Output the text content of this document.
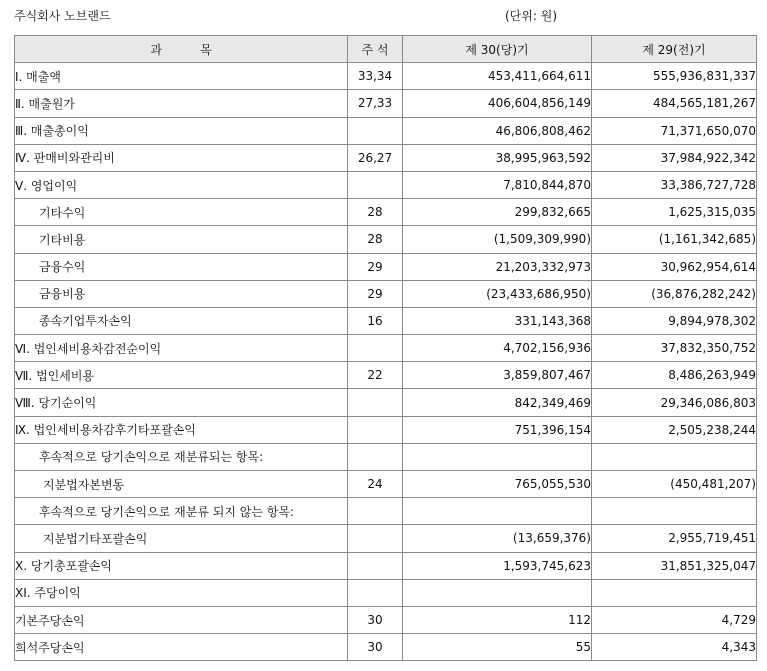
주식회사 노브랜드	(단위: 원)
과          목	주 석	제 30(당)기	제 29(전)기
Ⅰ. 매출액	33,34	453,411,664,611	555,936,831,337
Ⅱ. 매출원가	27,33	406,604,856,149	484,565,181,267
Ⅲ. 매출총이익		46,806,808,462	71,371,650,070
Ⅳ. 판매비와관리비	26,27	38,995,963,592	37,984,922,342
Ⅴ. 영업이익		7,810,844,870	33,386,727,728
기타수익	28	299,832,665	1,625,315,035
기타비용	28	(1,509,309,990)	(1,161,342,685)
금융수익	29	21,203,332,973	30,962,954,614
금융비용	29	(23,433,686,950)	(36,876,282,242)
종속기업투자손익	16	331,143,368	9,894,978,302
Ⅵ. 법인세비용차감전순이익		4,702,156,936	37,832,350,752
Ⅶ. 법인세비용	22	3,859,807,467	8,486,263,949
Ⅷ. 당기순이익		842,349,469	29,346,086,803
Ⅸ. 법인세비용차감후기타포괄손익		751,396,154	2,505,238,244
후속적으로 당기손익으로 재분류되는 항목:			
지분법자본변동	24	765,055,530	(450,481,207)
후속적으로 당기손익으로 재분류 되지 않는 항목:			
지분법기타포괄손익		(13,659,376)	2,955,719,451
Ⅹ. 당기총포괄손익		1,593,745,623	31,851,325,047
XI. 주당이익			
기본주당손익	30	112	4,729
희석주당손익	30	55	4,343
